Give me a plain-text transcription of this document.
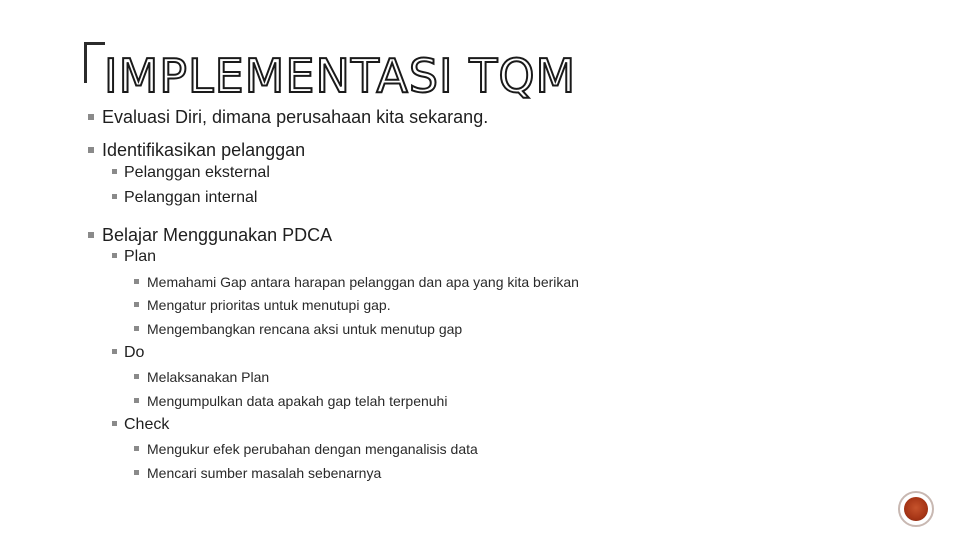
IMPLEMENTASI TQM
Evaluasi Diri, dimana perusahaan kita sekarang.
Identifikasikan pelanggan
Pelanggan eksternal
Pelanggan internal
Belajar Menggunakan PDCA
Plan
Memahami Gap antara harapan pelanggan dan apa yang kita berikan
Mengatur prioritas untuk menutupi gap.
Mengembangkan rencana aksi untuk menutup gap
Do
Melaksanakan Plan
Mengumpulkan data apakah gap telah terpenuhi
Check
Mengukur efek perubahan dengan menganalisis data
Mencari sumber masalah sebenarnya
